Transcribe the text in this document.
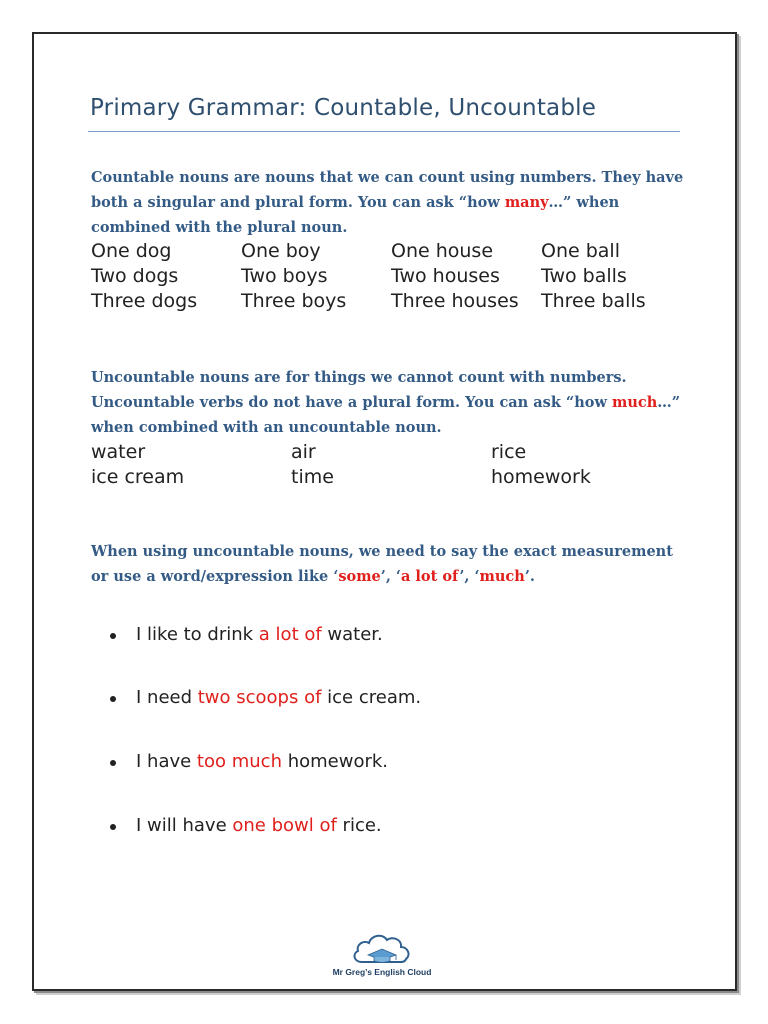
Primary Grammar: Countable, Uncountable
Countable nouns are nouns that we can count using numbers. They have both a singular and plural form. You can ask “how many…” when combined with the plural noun.
One dog
Two dogs
Three dogs
One boy
Two boys
Three boys
One house
Two houses
Three houses
One ball
Two balls
Three balls
Uncountable nouns are for things we cannot count with numbers. Uncountable verbs do not have a plural form. You can ask “how much…” when combined with an uncountable noun.
water
ice cream
air
time
rice
homework
When using uncountable nouns, we need to say the exact measurement or use a word/expression like ‘some’, ‘a lot of’, ‘much’.
I like to drink a lot of water.
I need two scoops of ice cream.
I have too much homework.
I will have one bowl of rice.
Mr Greg’s English Cloud
